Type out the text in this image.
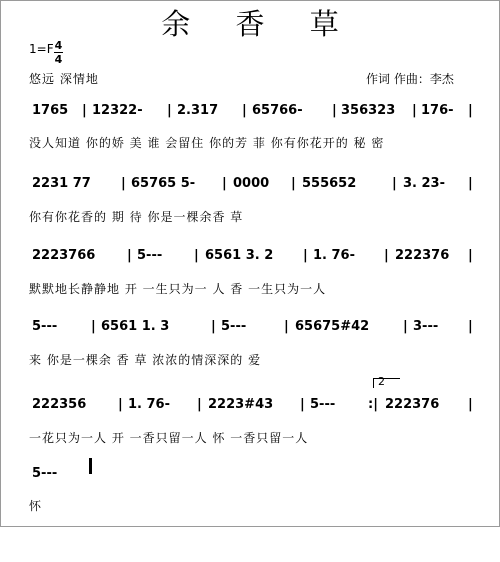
余 香 草
1=F 4
4
悠远 深情地	作词 作曲：李杰

1765

|

12322-

|

2.317

|

65766-

|

356323

|

176-

|

没人知道 你的娇 美 谁 会留住 你的芳 菲 你有你花开的 秘 密

2231 77

|

65765 5-

|

0000

|

555652

	|

3. 23-

|

你有你花香的 期 待 你是一棵余香 草

2223766

|

5---

|

6561 3. 2

|

1. 76-

|

222376

|

默默地长静静地 开 一生只为一 人 香 一生只为一人

5---

	|

6561 1. 3

	|

5---

	|

65675#42

	|

3---

|

来 你是一棵余 香 草 浓浓的情深深的 爱
2

222356

|

1. 76-

|

2223#43

|

5---

	:|

222376

|

一花只为一人 开 一香只留一人 怀 一香只留一人

5---

怀
